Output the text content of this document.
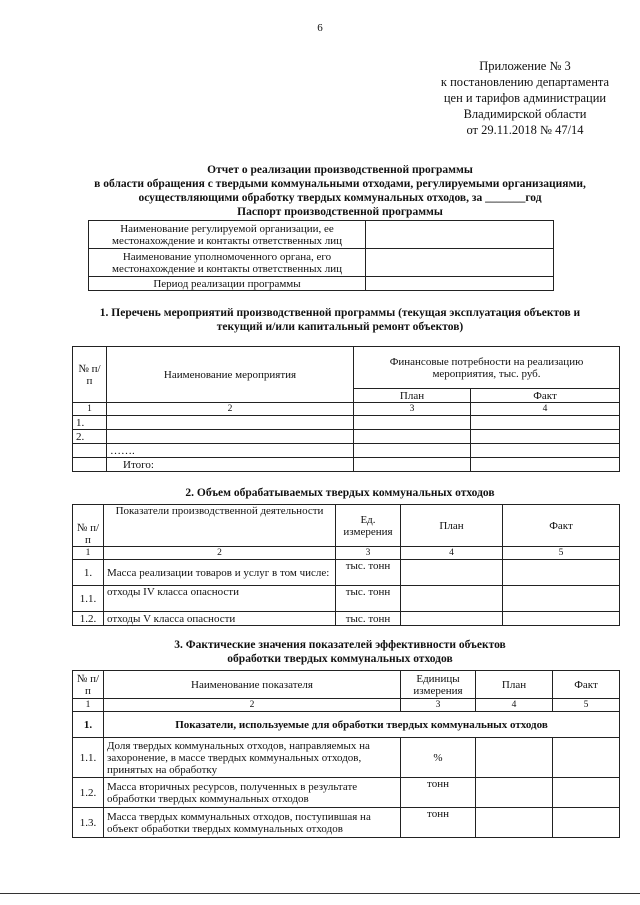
6
Приложение № 3
к постановлению департамента
цен и тарифов администрации
Владимирской области
от 29.11.2018 № 47/14
Отчет о реализации производственной программы
в области обращения с твердыми коммунальными отходами, регулируемыми организациями,
осуществляющими обработку твердых коммунальных отходов, за _______год
Паспорт производственной программы
Наименование регулируемой организации, ее местонахождение и контакты ответственных лиц	
Наименование уполномоченного органа, его местонахождение и контакты ответственных лиц	
Период реализации программы	
1. Перечень мероприятий производственной программы (текущая эксплуатация объектов и
текущий и/или капитальный ремонт объектов)
№ п/п	Наименование мероприятия	Финансовые потребности на реализацию мероприятия, тыс. руб.	
		План	Факт
1	2	3	4
1.			
2.			
	…….		
	Итого:		
2. Объем обрабатываемых твердых коммунальных отходов
№ п/п	Показатели производственной деятельности	Ед. измерения	План	Факт
1	2	3	4	5
1.	Масса реализации товаров и услуг в том числе:	тыс. тонн		
1.1.	отходы IV класса опасности	тыс. тонн		
1.2.	отходы V класса опасности	тыс. тонн		
3. Фактические значения показателей эффективности объектов
обработки твердых коммунальных отходов
№ п/п	Наименование показателя	Единицы измерения	План	Факт
1	2	3	4	5
1.	Показатели, используемые для обработки твердых коммунальных отходов			
1.1.	Доля твердых коммунальных отходов, направляемых на захоронение, в массе твердых коммунальных отходов, принятых на обработку	%		
1.2.	Масса вторичных ресурсов, полученных в результате обработки твердых коммунальных отходов	тонн		
1.3.	Масса твердых коммунальных отходов, поступившая на объект обработки твердых коммунальных отходов	тонн		
